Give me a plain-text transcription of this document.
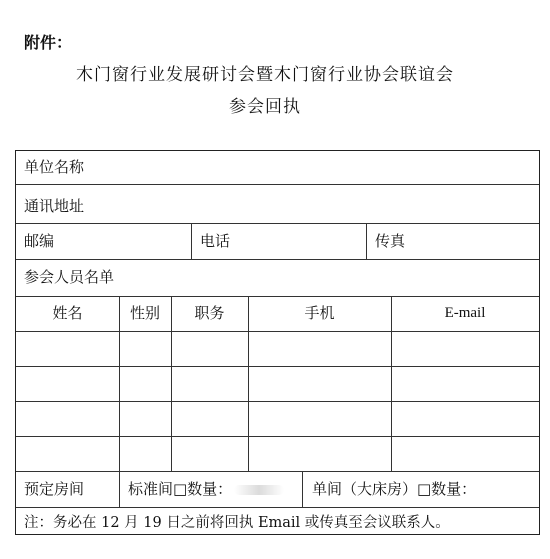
附件：
木门窗行业发展研讨会暨木门窗行业协会联谊会
参会回执
单位名称
通讯地址
邮编	电话	传真
参会人员名单
姓名	性别	职务	手机	E-mail
预定房间	标准间□数量：	单间（大床房）□数量：
注：务必在 12 月 19 日之前将回执 Email 或传真至会议联系人。
